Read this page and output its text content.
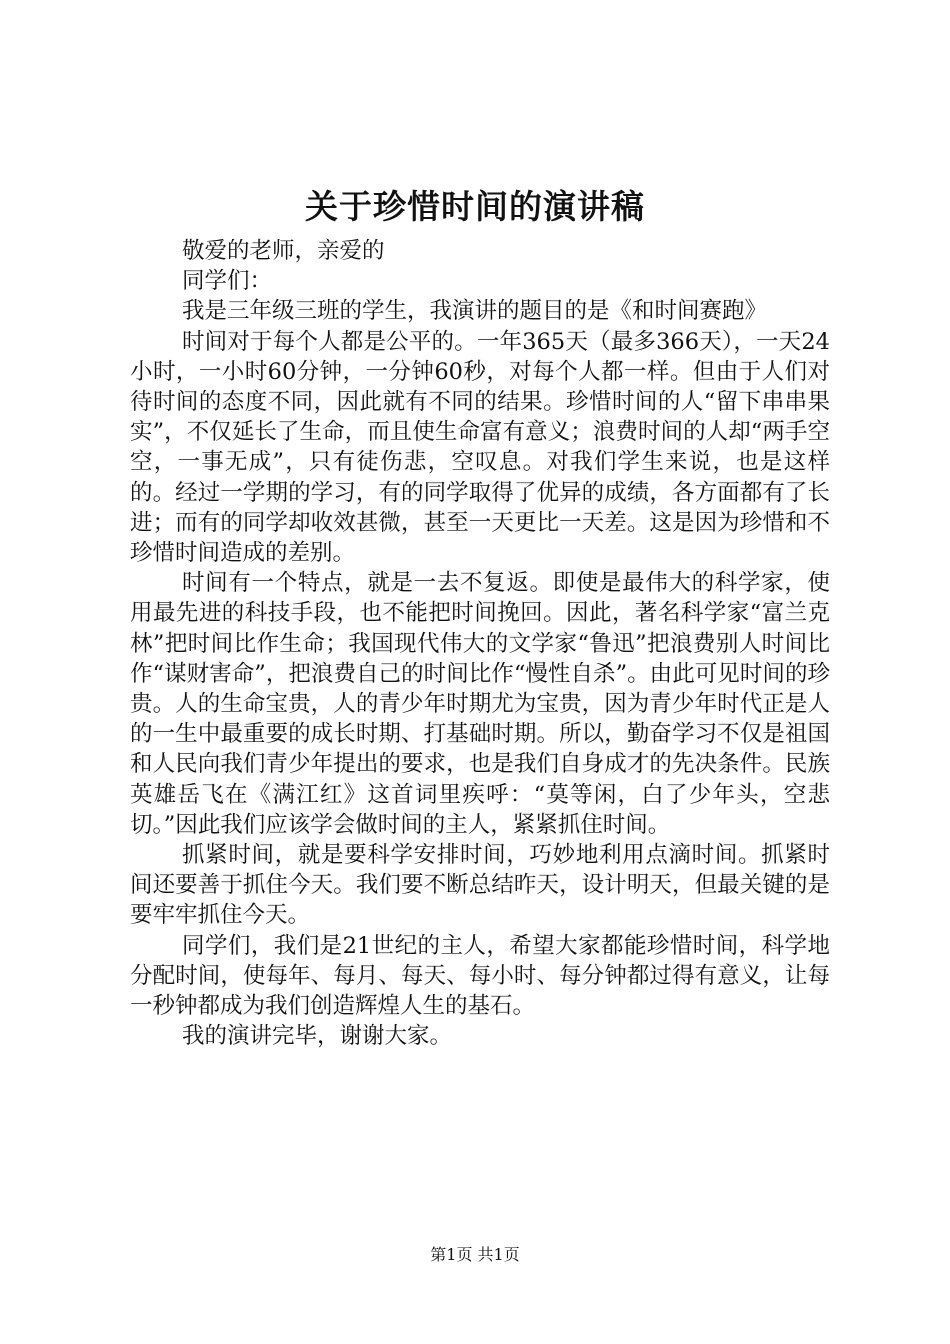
关于珍惜时间的演讲稿

敬爱的老师，亲爱的

同学们：

我是三年级三班的学生，我演讲的题目的是《和时间赛跑》

时间对于每个人都是公平的。一年365天（最多366天），一天24小时，一小时60分钟，一分钟60秒，对每个人都一样。但由于人们对待时间的态度不同，因此就有不同的结果。珍惜时间的人“留下串串果实”，不仅延长了生命，而且使生命富有意义；浪费时间的人却“两手空空，一事无成”，只有徒伤悲，空叹息。对我们学生来说，也是这样的。经过一学期的学习，有的同学取得了优异的成绩，各方面都有了长进；而有的同学却收效甚微，甚至一天更比一天差。这是因为珍惜和不珍惜时间造成的差别。

时间有一个特点，就是一去不复返。即使是最伟大的科学家，使用最先进的科技手段，也不能把时间挽回。因此，著名科学家“富兰克林”把时间比作生命；我国现代伟大的文学家“鲁迅”把浪费别人时间比作“谋财害命”，把浪费自己的时间比作“慢性自杀”。由此可见时间的珍贵。人的生命宝贵，人的青少年时期尤为宝贵，因为青少年时代正是人的一生中最重要的成长时期、打基础时期。所以，勤奋学习不仅是祖国和人民向我们青少年提出的要求，也是我们自身成才的先决条件。民族英雄岳飞在《满江红》这首词里疾呼：“莫等闲，白了少年头，空悲切。”因此我们应该学会做时间的主人，紧紧抓住时间。

抓紧时间，就是要科学安排时间，巧妙地利用点滴时间。抓紧时间还要善于抓住今天。我们要不断总结昨天，设计明天，但最关键的是要牢牢抓住今天。

同学们，我们是21世纪的主人，希望大家都能珍惜时间，科学地分配时间，使每年、每月、每天、每小时、每分钟都过得有意义，让每一秒钟都成为我们创造辉煌人生的基石。

我的演讲完毕，谢谢大家。

第1页 共1页
